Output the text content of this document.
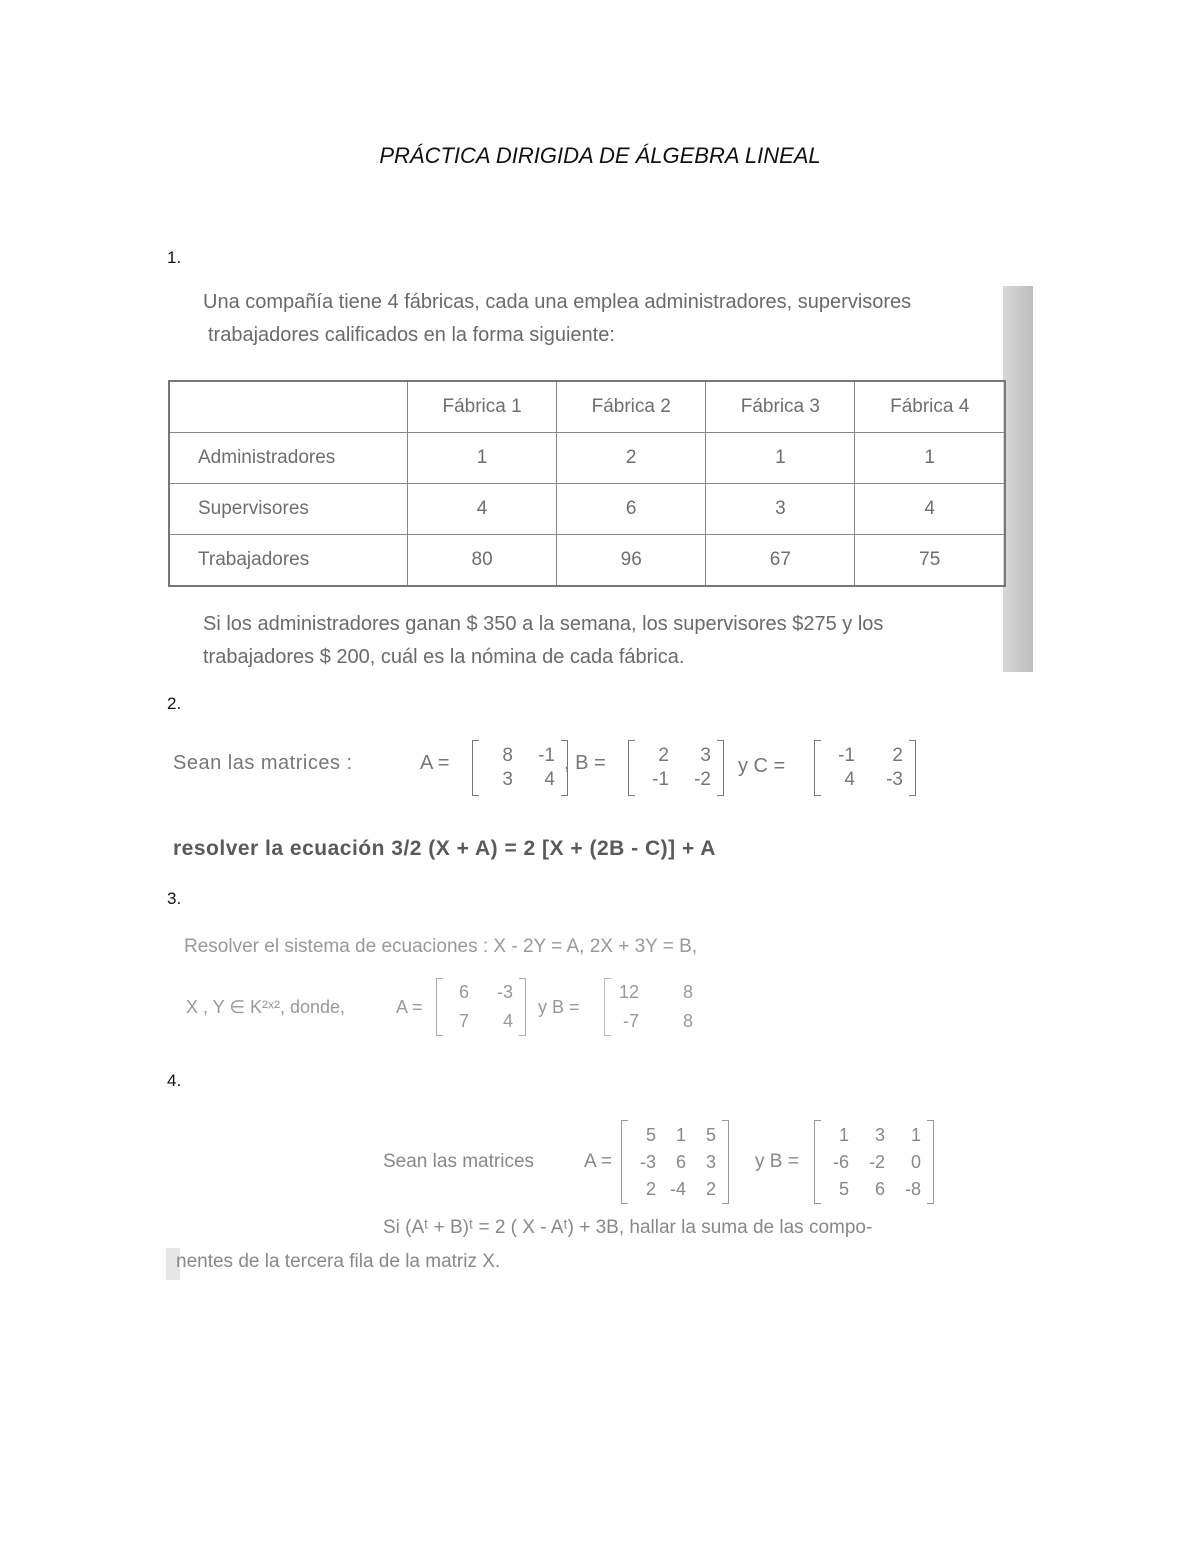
PRÁCTICA DIRIGIDA DE ÁLGEBRA LINEAL
1.
Una compañía tiene 4 fábricas, cada una emplea administradores, supervisores
trabajadores calificados en la forma siguiente:
	Fábrica 1	Fábrica 2	Fábrica 3	Fábrica 4
Administradores	1	2	1	1
Supervisores	4	6	3	4
Trabajadores	80	96	67	75
Si los administradores ganan $ 350 a la semana, los supervisores $275 y los
trabajadores $ 200, cuál es la nómina de cada fábrica.
2.
Sean las matrices :	A =	8	-1
3	4
, B =	2	3
-1	-2
y C =	-1	2
4	-3
resolver la ecuación 3/2 (X + A) = 2 [X + (2B - C)] + A
3.
Resolver el sistema de ecuaciones : X - 2Y = A, 2X + 3Y = B,
X , Y ∈ K²ˣ², donde,	A =
6	-3
7	4
y B =
12	8
-7	8
4.
Sean las matrices	A =
5	1	5
-3	6	3
2 -4	2
y B =
1	3	1
-6	-2	0
5	6	-8
Si (Aᵗ + B)ᵗ = 2 ( X - Aᵗ) + 3B, hallar la suma de las compo-
nentes de la tercera fila de la matriz X.
